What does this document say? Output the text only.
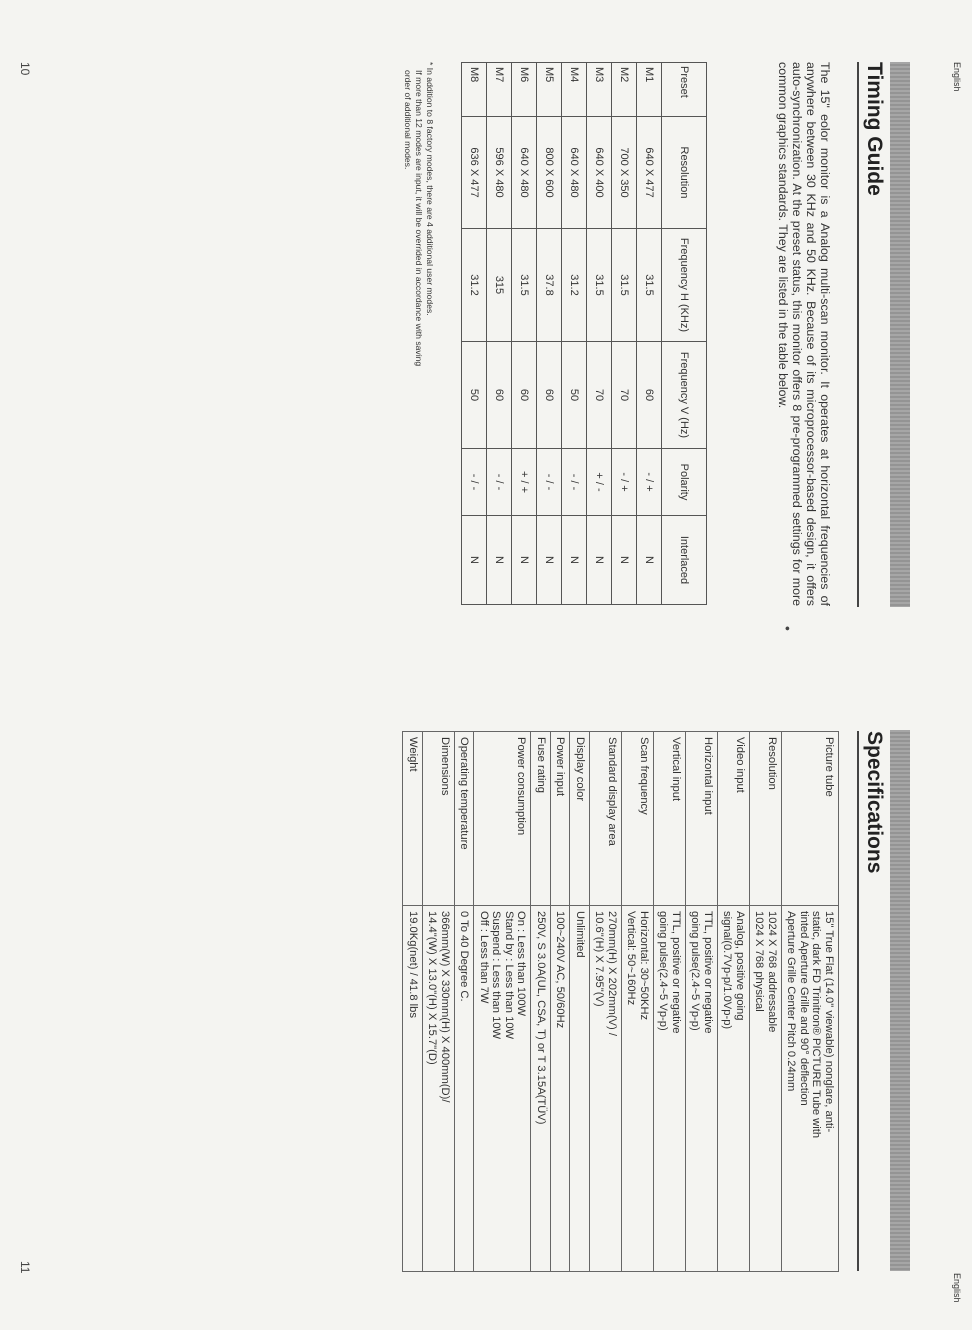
English
Timing Guide

The 15" eolor monitor is a Analog multi-scan monitor. It operates at horizontal frequencies of anywhere between 30 KHz and 50 KHz. Because of its microprocessor-based design, it offers auto-synchronization. At the preset status, this monitor offers 8 pre-programmed settings for more common graphics standards. They are listed in the table below.

•
Preset	Resolution	Frequency H (KHz)	Frequency V (Hz)	Polarity	Interlaced
M1	640 X 477	31.5	60	- / +	N
M2	700 X 350	31.5	70	- / +	N
M3	640 X 400	31.5	70	+ / -	N
M4	640 X 480	31.2	50	- / -	N
M5	800 X 600	37.8	60	- / -	N
M6	640 X 480	31.5	60	+ / +	N
M7	596 X 480	315	60	- / -	N
M8	636 X 477	31.2	50	- / -	N
* In addition to 8 factory modes, there are 4 additional user modes.
If more than 12 modes are input, it will be overrided in accordance with saving
order of additional modes.
10
English
Specifications
Picture tube	15" True Flat (14.0" viewable) nonglare, anti-
static, dark FD Trinitron® PICTURE Tube with
tinted Aperture Grille and 90° deflection
Aperture Grille Center Pitch 0.24mm

Resolution	1024 X 768 addressable
1024 X 768 physical

Video input	Analog, positive going
signal(0.7Vp-p/1.0Vp-p)

Horizontal input	TTL, positive or negative
going pulse(2.4~5 Vp-p)

Vertical input	TTL, positive or negative
going pulse(2.4~5 Vp-p)

Scan frequency	Horizontal: 30~50KHz
Vertical: 50~160Hz

Standard display area	270mm(H) X 202mm(V) /
10.6"(H) X 7.95"(V)

Display color	Unlimited

Power input	100~240V AC, 50/60Hz

Fuse rating	250V, S 3.0A(UL, CSA, T) or T 3.15A(TÜV)

Power consumption	On : Less than 100W
Stand by : Less than 10W
Suspend : Less than 10W
Off : Less than 7W

Operating temperature	0 To 40 Degree C.

Dimensions	366mm(W) X 330mm(H) X 400mm(D)/
14.4"(W) X 13.0"(H) X 15.7"(D)

Weight	19.0Kg(net) / 41.8 lbs
11
